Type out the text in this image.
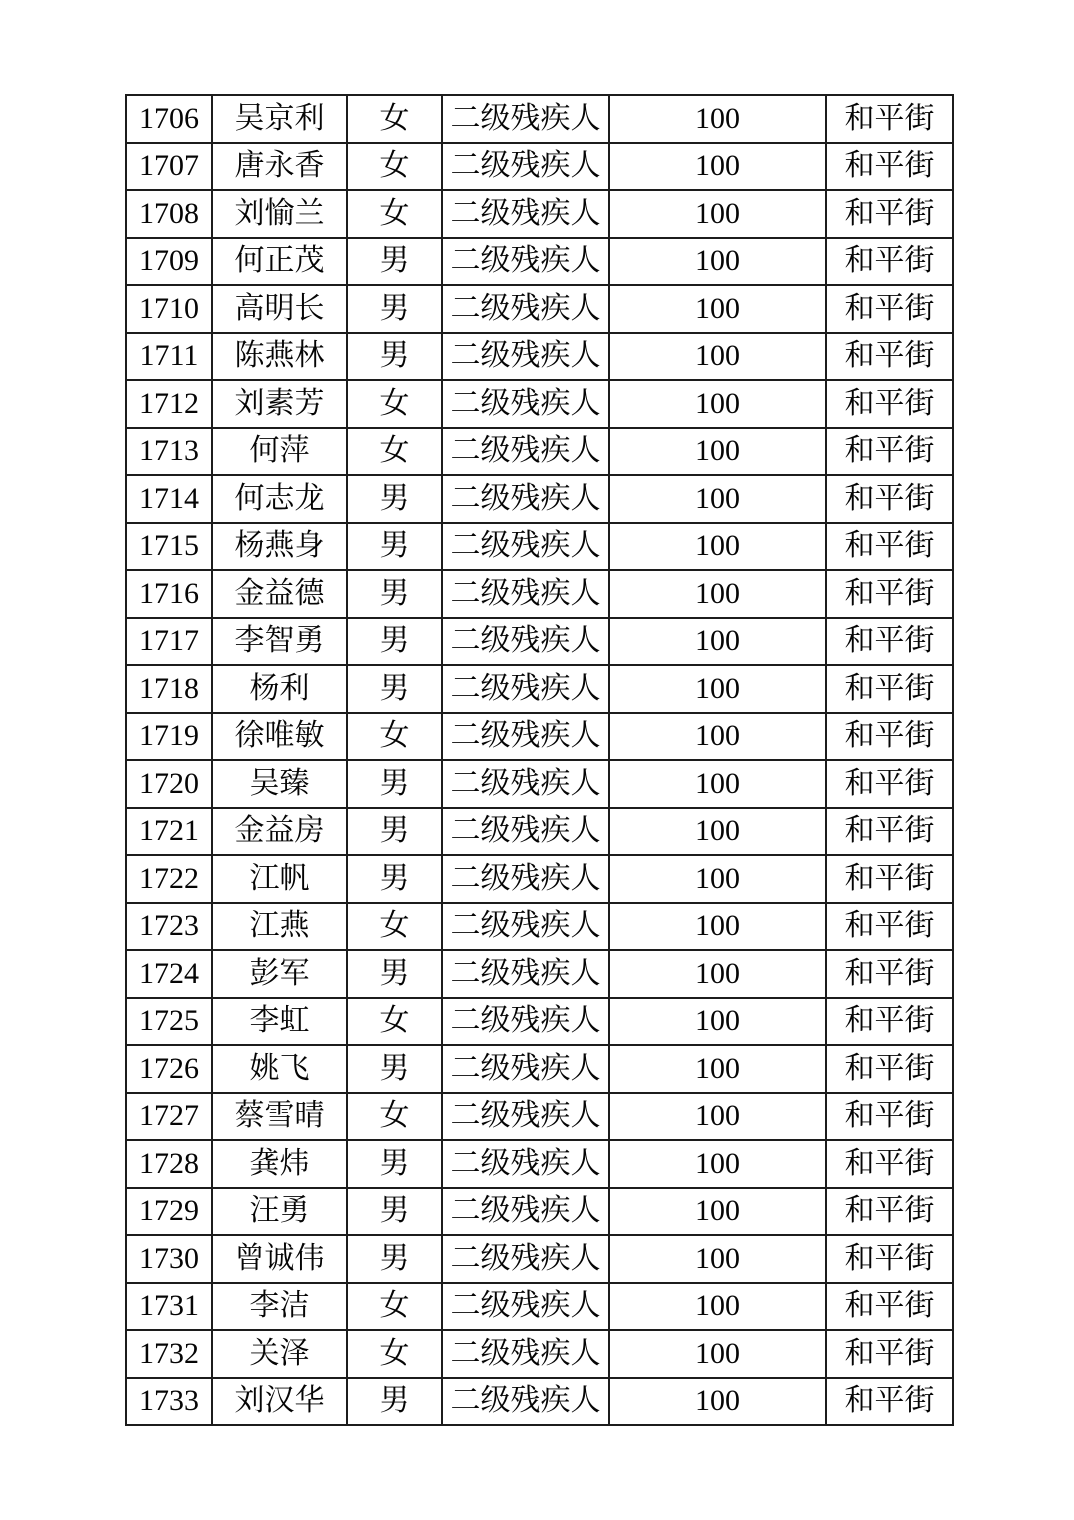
1706	吴京利	女	二级残疾人	100	和平街
1707	唐永香	女	二级残疾人	100	和平街
1708	刘愉兰	女	二级残疾人	100	和平街
1709	何正茂	男	二级残疾人	100	和平街
1710	高明长	男	二级残疾人	100	和平街
1711	陈燕林	男	二级残疾人	100	和平街
1712	刘素芳	女	二级残疾人	100	和平街
1713	何萍	女	二级残疾人	100	和平街
1714	何志龙	男	二级残疾人	100	和平街
1715	杨燕身	男	二级残疾人	100	和平街
1716	金益德	男	二级残疾人	100	和平街
1717	李智勇	男	二级残疾人	100	和平街
1718	杨利	男	二级残疾人	100	和平街
1719	徐唯敏	女	二级残疾人	100	和平街
1720	吴臻	男	二级残疾人	100	和平街
1721	金益房	男	二级残疾人	100	和平街
1722	江帆	男	二级残疾人	100	和平街
1723	江燕	女	二级残疾人	100	和平街
1724	彭军	男	二级残疾人	100	和平街
1725	李虹	女	二级残疾人	100	和平街
1726	姚飞	男	二级残疾人	100	和平街
1727	蔡雪晴	女	二级残疾人	100	和平街
1728	龚炜	男	二级残疾人	100	和平街
1729	汪勇	男	二级残疾人	100	和平街
1730	曾诚伟	男	二级残疾人	100	和平街
1731	李洁	女	二级残疾人	100	和平街
1732	关泽	女	二级残疾人	100	和平街
1733	刘汉华	男	二级残疾人	100	和平街
